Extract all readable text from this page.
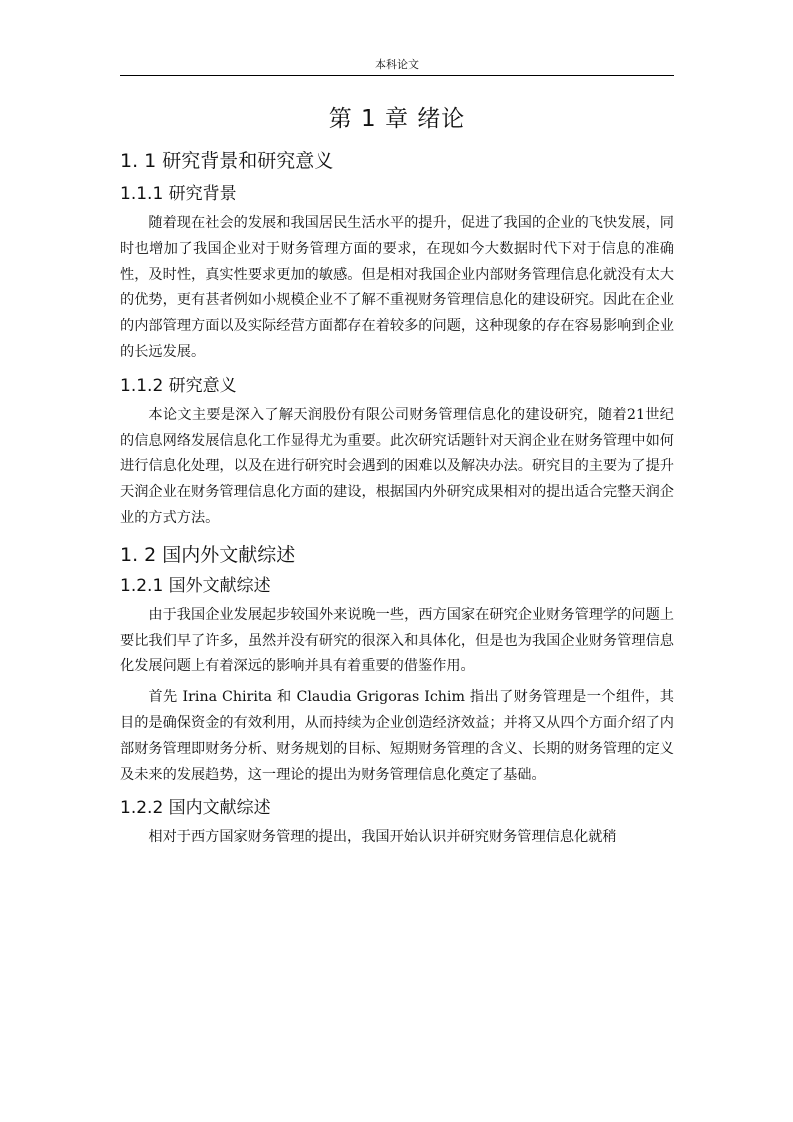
本科论文
第 1 章 绪论
1. 1 研究背景和研究意义
1.1.1 研究背景

随着现在社会的发展和我国居民生活水平的提升，促进了我国的企业的飞快发展，同时也增加了我国企业对于财务管理方面的要求，在现如今大数据时代下对于信息的准确性，及时性，真实性要求更加的敏感。但是相对我国企业内部财务管理信息化就没有太大的优势，更有甚者例如小规模企业不了解不重视财务管理信息化的建设研究。因此在企业的内部管理方面以及实际经营方面都存在着较多的问题，这种现象的存在容易影响到企业的长远发展。

1.1.2 研究意义

本论文主要是深入了解天润股份有限公司财务管理信息化的建设研究，随着21世纪的信息网络发展信息化工作显得尤为重要。此次研究话题针对天润企业在财务管理中如何进行信息化处理，以及在进行研究时会遇到的困难以及解决办法。研究目的主要为了提升天润企业在财务管理信息化方面的建设，根据国内外研究成果相对的提出适合完整天润企业的方式方法。

1. 2 国内外文献综述
1.2.1 国外文献综述

由于我国企业发展起步较国外来说晚一些，西方国家在研究企业财务管理学的问题上要比我们早了许多，虽然并没有研究的很深入和具体化，但是也为我国企业财务管理信息化发展问题上有着深远的影响并具有着重要的借鉴作用。

首先 Irina Chirita 和 Claudia Grigoras Ichim 指出了财务管理是一个组件，其目的是确保资金的有效利用，从而持续为企业创造经济效益；并将又从四个方面介绍了内部财务管理即财务分析、财务规划的目标、短期财务管理的含义、长期的财务管理的定义及未来的发展趋势，这一理论的提出为财务管理信息化奠定了基础。

1.2.2 国内文献综述

相对于西方国家财务管理的提出，我国开始认识并研究财务管理信息化就稍
